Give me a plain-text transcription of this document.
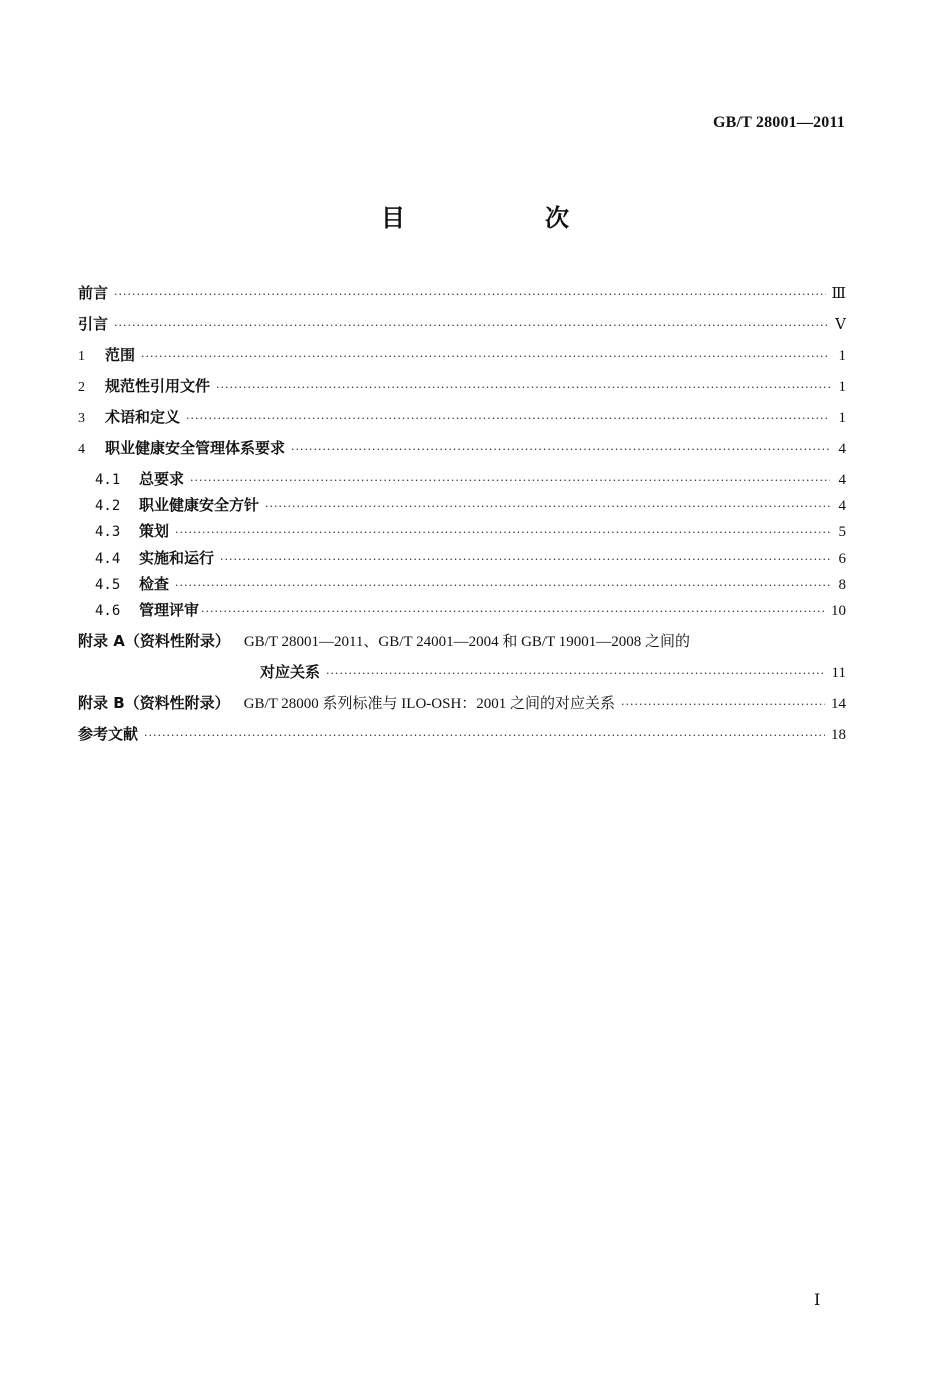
GB/T 28001—2011
目　次
前言 ·····	Ⅲ
引言 ·····	Ⅴ
1	范围 ·····	1
2	规范性引用文件 ·····	1
3	术语和定义 ·····	1
4	职业健康安全管理体系要求 ·····	4
4.1	总要求 ·····	4
4.2	职业健康安全方针 ·····	4
4.3	策划 ·····	5
4.4	实施和运行 ·····	6
4.5	检查 ·····	8
4.6	管理评审 ·····	10
附录 A（资料性附录） GB/T 28001—2011、GB/T 24001—2004 和 GB/T 19001—2008 之间的
对应关系 ·····	11
附录 B（资料性附录） GB/T 28000 系列标准与 ILO-OSH：2001 之间的对应关系 ·····	14
参考文献 ·····	18
Ⅰ
